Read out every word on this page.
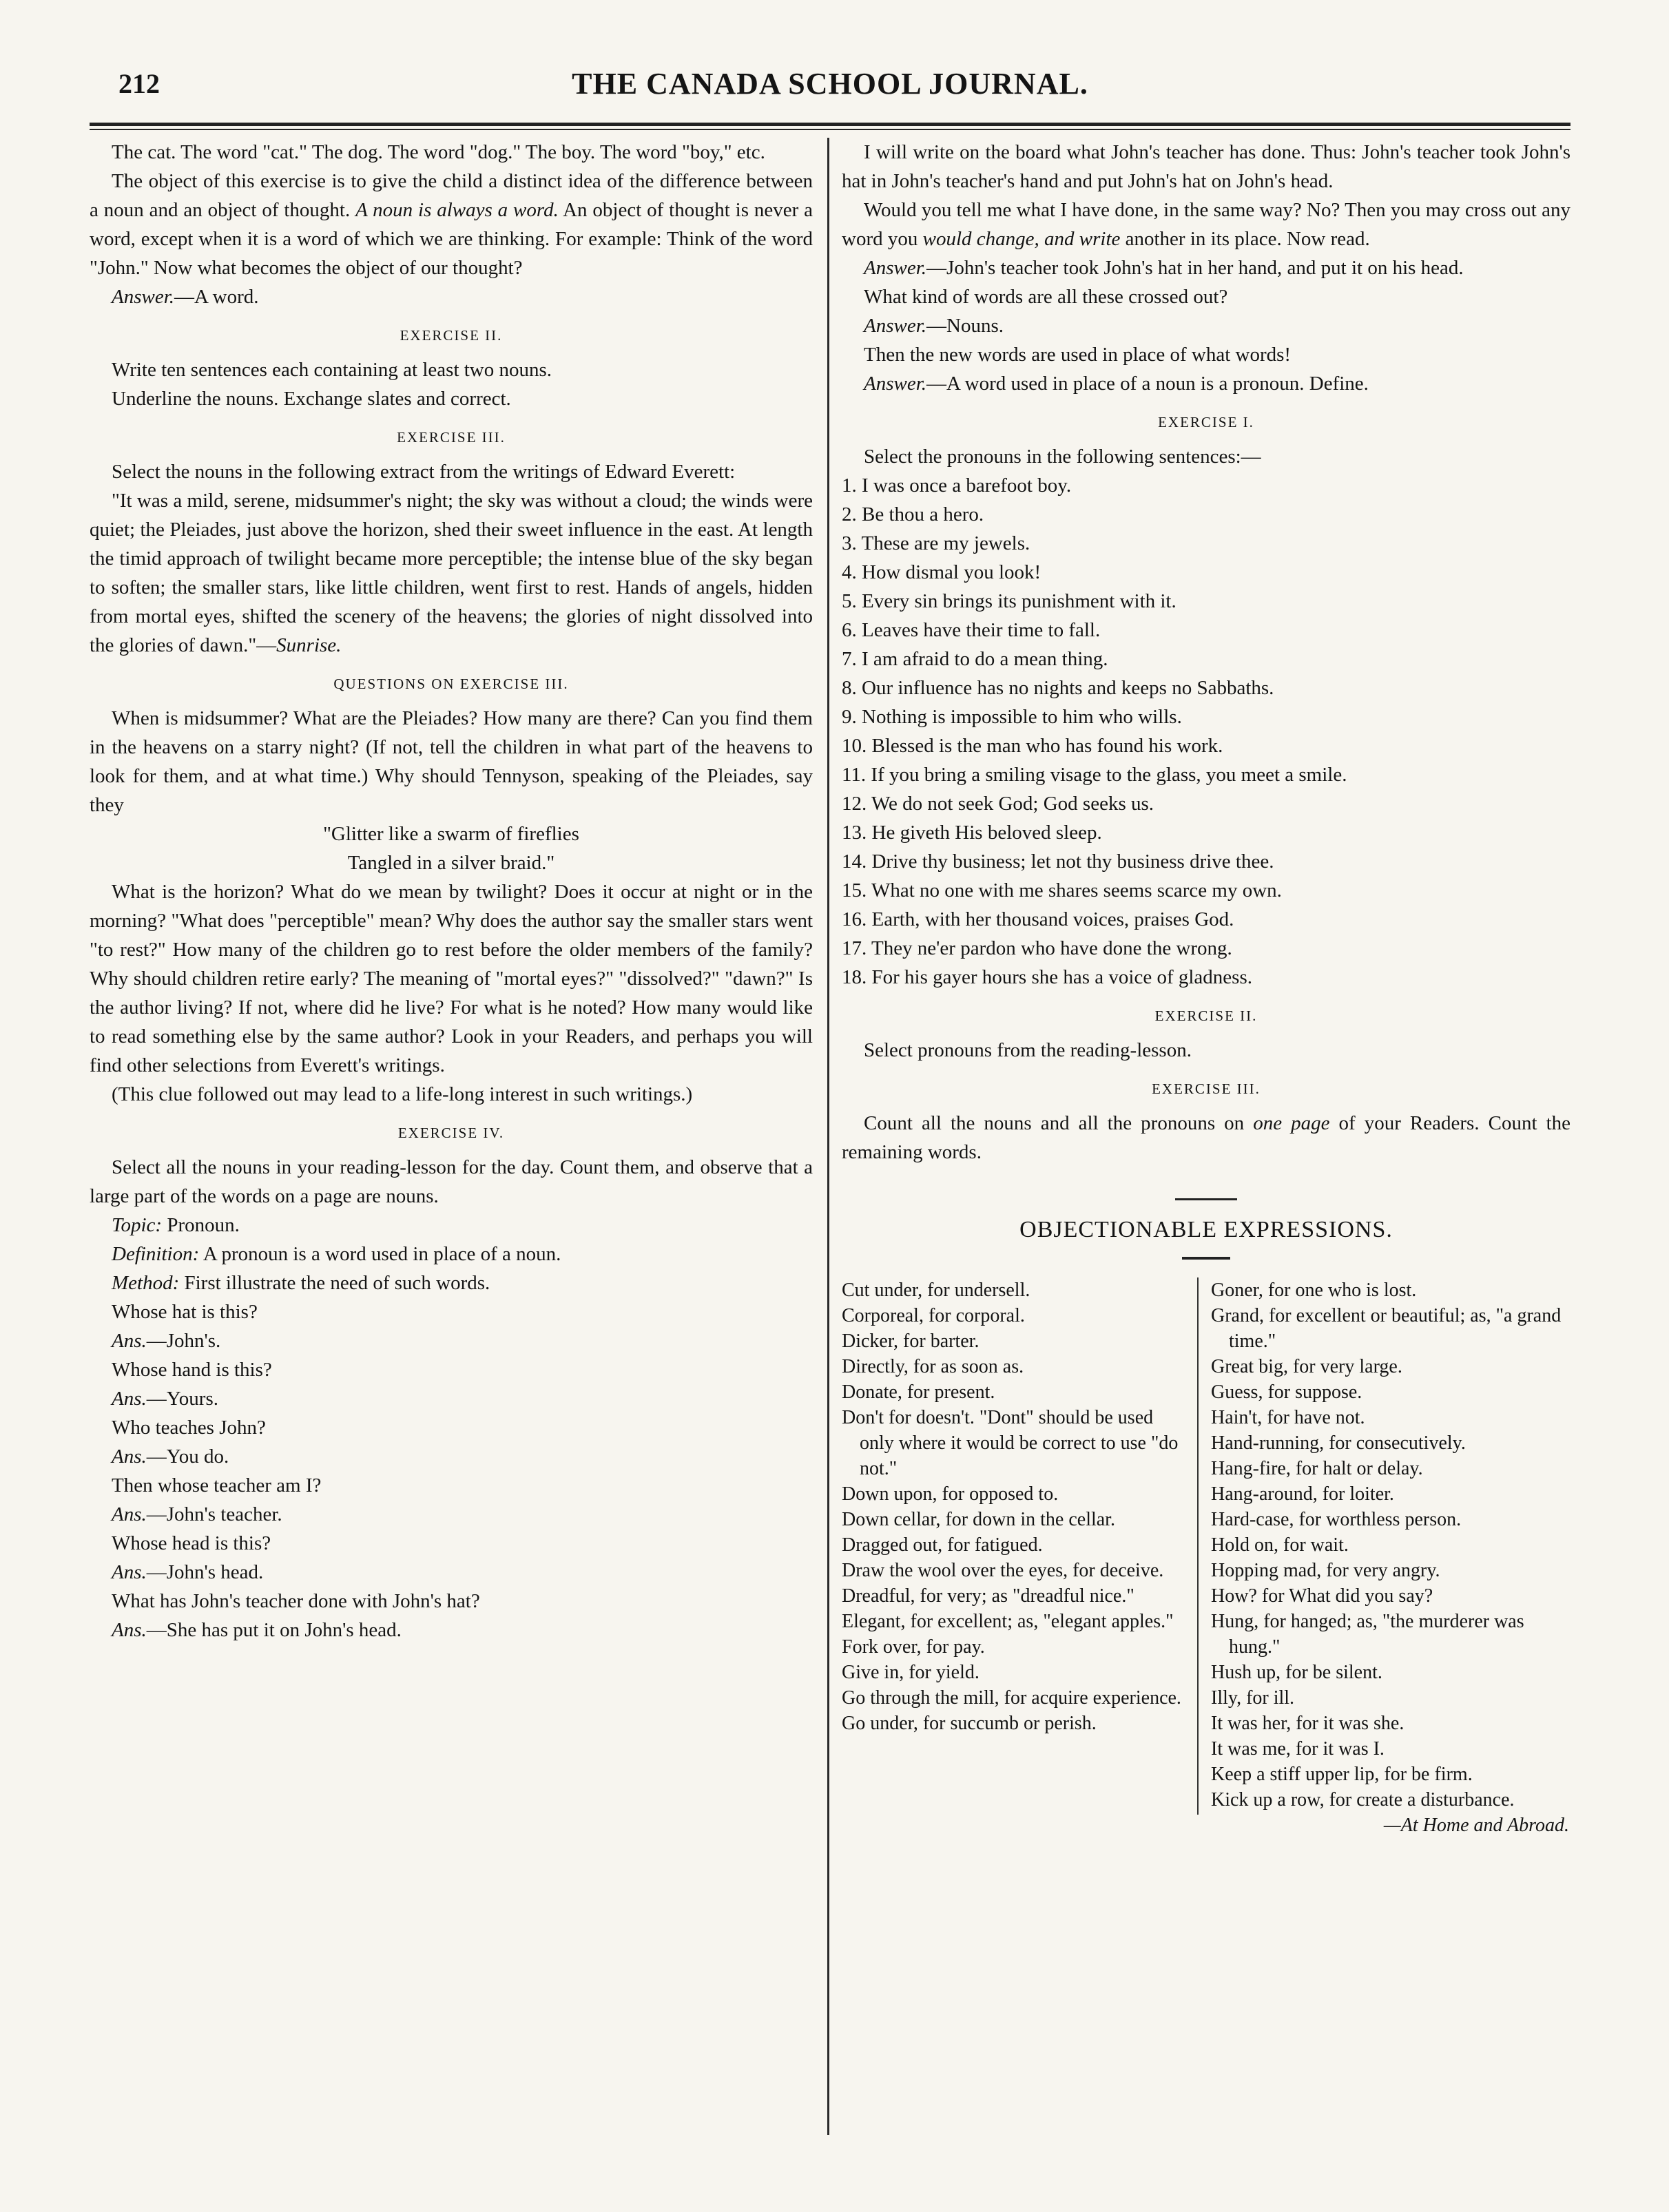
212	THE CANADA SCHOOL JOURNAL.

The cat. The word "cat." The dog. The word "dog." The boy. The word "boy," etc.

The object of this exercise is to give the child a distinct idea of the difference between a noun and an object of thought. A noun is always a word. An object of thought is never a word, except when it is a word of which we are thinking. For example: Think of the word "John." Now what becomes the object of our thought?

Answer.—A word.

EXERCISE II.

Write ten sentences each containing at least two nouns.

Underline the nouns. Exchange slates and correct.

EXERCISE III.

Select the nouns in the following extract from the writings of Edward Everett:

"It was a mild, serene, midsummer's night; the sky was without a cloud; the winds were quiet; the Pleiades, just above the horizon, shed their sweet influence in the east. At length the timid approach of twilight became more perceptible; the intense blue of the sky began to soften; the smaller stars, like little children, went first to rest. Hands of angels, hidden from mortal eyes, shifted the scenery of the heavens; the glories of night dissolved into the glories of dawn."—Sunrise.

QUESTIONS ON EXERCISE III.

When is midsummer? What are the Pleiades? How many are there? Can you find them in the heavens on a starry night? (If not, tell the children in what part of the heavens to look for them, and at what time.) Why should Tennyson, speaking of the Pleiades, say they

"Glitter like a swarm of fireflies

Tangled in a silver braid."

What is the horizon? What do we mean by twilight? Does it occur at night or in the morning? "What does "perceptible" mean? Why does the author say the smaller stars went "to rest?" How many of the children go to rest before the older members of the family? Why should children retire early? The meaning of "mortal eyes?" "dissolved?" "dawn?" Is the author living? If not, where did he live? For what is he noted? How many would like to read something else by the same author? Look in your Readers, and perhaps you will find other selections from Everett's writings.

(This clue followed out may lead to a life-long interest in such writings.)

EXERCISE IV.

Select all the nouns in your reading-lesson for the day. Count them, and observe that a large part of the words on a page are nouns.

Topic: Pronoun.

Definition: A pronoun is a word used in place of a noun.

Method: First illustrate the need of such words.

Whose hat is this?

Ans.—John's.

Whose hand is this?

Ans.—Yours.

Who teaches John?

Ans.—You do.

Then whose teacher am I?

Ans.—John's teacher.

Whose head is this?

Ans.—John's head.

What has John's teacher done with John's hat?

Ans.—She has put it on John's head.

I will write on the board what John's teacher has done. Thus: John's teacher took John's hat in John's teacher's hand and put John's hat on John's head.

Would you tell me what I have done, in the same way? No? Then you may cross out any word you would change, and write another in its place. Now read.

Answer.—John's teacher took John's hat in her hand, and put it on his head.

What kind of words are all these crossed out?

Answer.—Nouns.

Then the new words are used in place of what words!

Answer.—A word used in place of a noun is a pronoun. Define.

EXERCISE I.

Select the pronouns in the following sentences:—

1. I was once a barefoot boy.
2. Be thou a hero.
3. These are my jewels.
4. How dismal you look!
5. Every sin brings its punishment with it.
6. Leaves have their time to fall.
7. I am afraid to do a mean thing.
8. Our influence has no nights and keeps no Sabbaths.
9. Nothing is impossible to him who wills.
10. Blessed is the man who has found his work.
11. If you bring a smiling visage to the glass, you meet a smile.
12. We do not seek God; God seeks us.
13. He giveth His beloved sleep.
14. Drive thy business; let not thy business drive thee.
15. What no one with me shares seems scarce my own.
16. Earth, with her thousand voices, praises God.
17. They ne'er pardon who have done the wrong.
18. For his gayer hours she has a voice of gladness.
EXERCISE II.

Select pronouns from the reading-lesson.

EXERCISE III.

Count all the nouns and all the pronouns on one page of your Readers. Count the remaining words.

OBJECTIONABLE EXPRESSIONS.
Cut under, for undersell.
Corporeal, for corporal.
Dicker, for barter.
Directly, for as soon as.
Donate, for present.
Don't for doesn't. "Dont" should be used only where it would be correct to use "do not."
Down upon, for opposed to.
Down cellar, for down in the cellar.
Dragged out, for fatigued.
Draw the wool over the eyes, for deceive.
Dreadful, for very; as "dreadful nice."
Elegant, for excellent; as, "elegant apples."
Fork over, for pay.
Give in, for yield.
Go through the mill, for acquire experience.
Go under, for succumb or perish.
Goner, for one who is lost.
Grand, for excellent or beautiful; as, "a grand time."
Great big, for very large.
Guess, for suppose.
Hain't, for have not.
Hand-running, for consecutively.
Hang-fire, for halt or delay.
Hang-around, for loiter.
Hard-case, for worthless person.
Hold on, for wait.
Hopping mad, for very angry.
How? for What did you say?
Hung, for hanged; as, "the murderer was hung."
Hush up, for be silent.
Illy, for ill.
It was her, for it was she.
It was me, for it was I.
Keep a stiff upper lip, for be firm.
Kick up a row, for create a disturbance.
—At Home and Abroad.
